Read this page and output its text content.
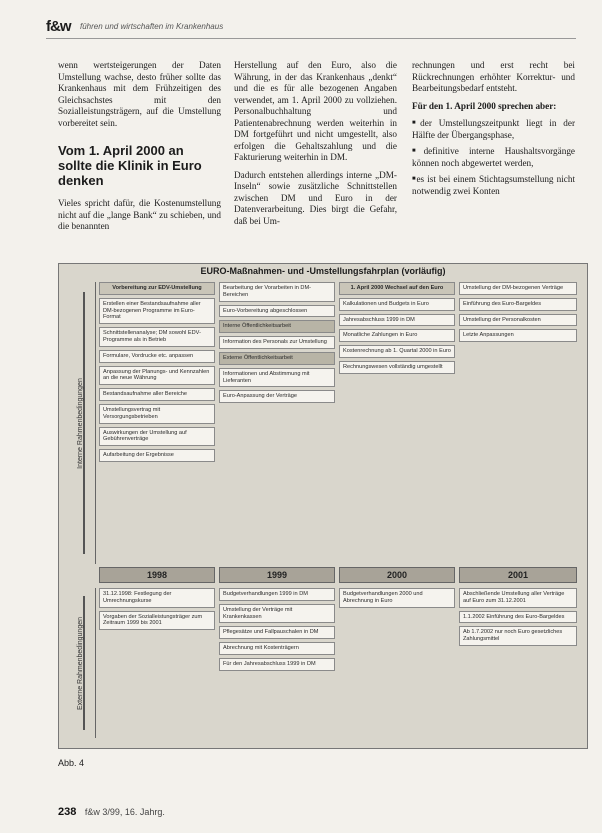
f&w führen und wirtschaften im Krankenhaus

wenn wertsteigerungen der Daten Umstellung wachse, desto früher sollte das Krankenhaus mit dem Frühzeitigen des Gleichsachstes mit den Sozialleistungsträgern, auf die Umstellung vorbereitet sein.

Vom 1. April 2000 an sollte die Klinik in Euro denken

Vieles spricht dafür, die Kostenumstellung nicht auf die „lange Bank“ zu schieben, und die benannten

Herstellung auf den Euro, also die Währung, in der das Krankenhaus „denkt“ und die es für alle bezogenen Angaben verwendet, am 1. April 2000 zu vollziehen. Personalbuchhaltung und Patientenabrechnung werden weiterhin in DM fortgeführt und nicht umgestellt, also erfolgen die Gehaltszahlung und die Fakturierung weiterhin in DM.

Dadurch entstehen allerdings interne „DM-Inseln“ sowie zusätzliche Schnittstellen zwischen DM und Euro in der Datenverarbeitung. Dies birgt die Gefahr, daß bei Um-

rechnungen und erst recht bei Rückrechnungen erhöhter Korrektur- und Bearbeitungsbedarf entsteht.

Für den 1. April 2000 sprechen aber:

■ der Umstellungszeitpunkt liegt in der Hälfte der Übergangsphase,
■ definitive interne Haushaltsvorgänge können noch abgewertet werden,
■ es ist bei einem Stichtagsumstellung nicht notwendig zwei Konten
EURO-Maßnahmen- und -Umstellungsfahrplan (vorläufig)
Interne Rahmenbedingungen
Externe Rahmenbedingungen
Vorbereitung zur EDV-Umstellung
Erstellen einer Bestandsaufnahme aller DM-bezogenen Programme im Euro-Format
Schnittstellenanalyse; DM sowohl EDV-Programme als in Betrieb
Formulare, Vordrucke etc. anpassen
Anpassung der Planungs- und Kennzahlen an die neue Währung
Bestandsaufnahme aller Bereiche
Umstellungsvertrag mit Versorgungsbetrieben
Auswirkungen der Umstellung auf Gebührenverträge
Aufarbeitung der Ergebnisse
Bearbeitung der Vorarbeiten in DM-Bereichen
Euro-Vorbereitung abgeschlossen
Interne Öffentlichkeitsarbeit
Information des Personals zur Umstellung
Externe Öffentlichkeitsarbeit
Informationen und Abstimmung mit Lieferanten
Euro-Anpassung der Verträge
1. April 2000 Wechsel auf den Euro
Kalkulationen und Budgets in Euro
Jahresabschluss 1999 in DM
Monatliche Zahlungen in Euro
Kostenrechnung ab 1. Quartal 2000 in Euro
Rechnungswesen vollständig umgestellt
Umstellung der DM-bezogenen Verträge
Einführung des Euro-Bargeldes
Umstellung der Personalkosten
Letzte Anpassungen
1998	1999	2000	2001
31.12.1998: Festlegung der Umrechnungskurse
Vorgaben der Sozialleistungsträger zum Zeitraum 1999 bis 2001
Budgetverhandlungen 1999 in DM
Umstellung der Verträge mit Krankenkassen
Pflegesätze und Fallpauschalen in DM
Abrechnung mit Kostenträgern
Für den Jahresabschluss 1999 in DM
Budgetverhandlungen 2000 und Abrechnung in Euro
Abschließende Umstellung aller Verträge auf Euro zum 31.12.2001
1.1.2002 Einführung des Euro-Bargeldes
Ab 1.7.2002 nur noch Euro gesetzliches Zahlungsmittel
Abb. 4
238 f&w 3/99, 16. Jahrg.
